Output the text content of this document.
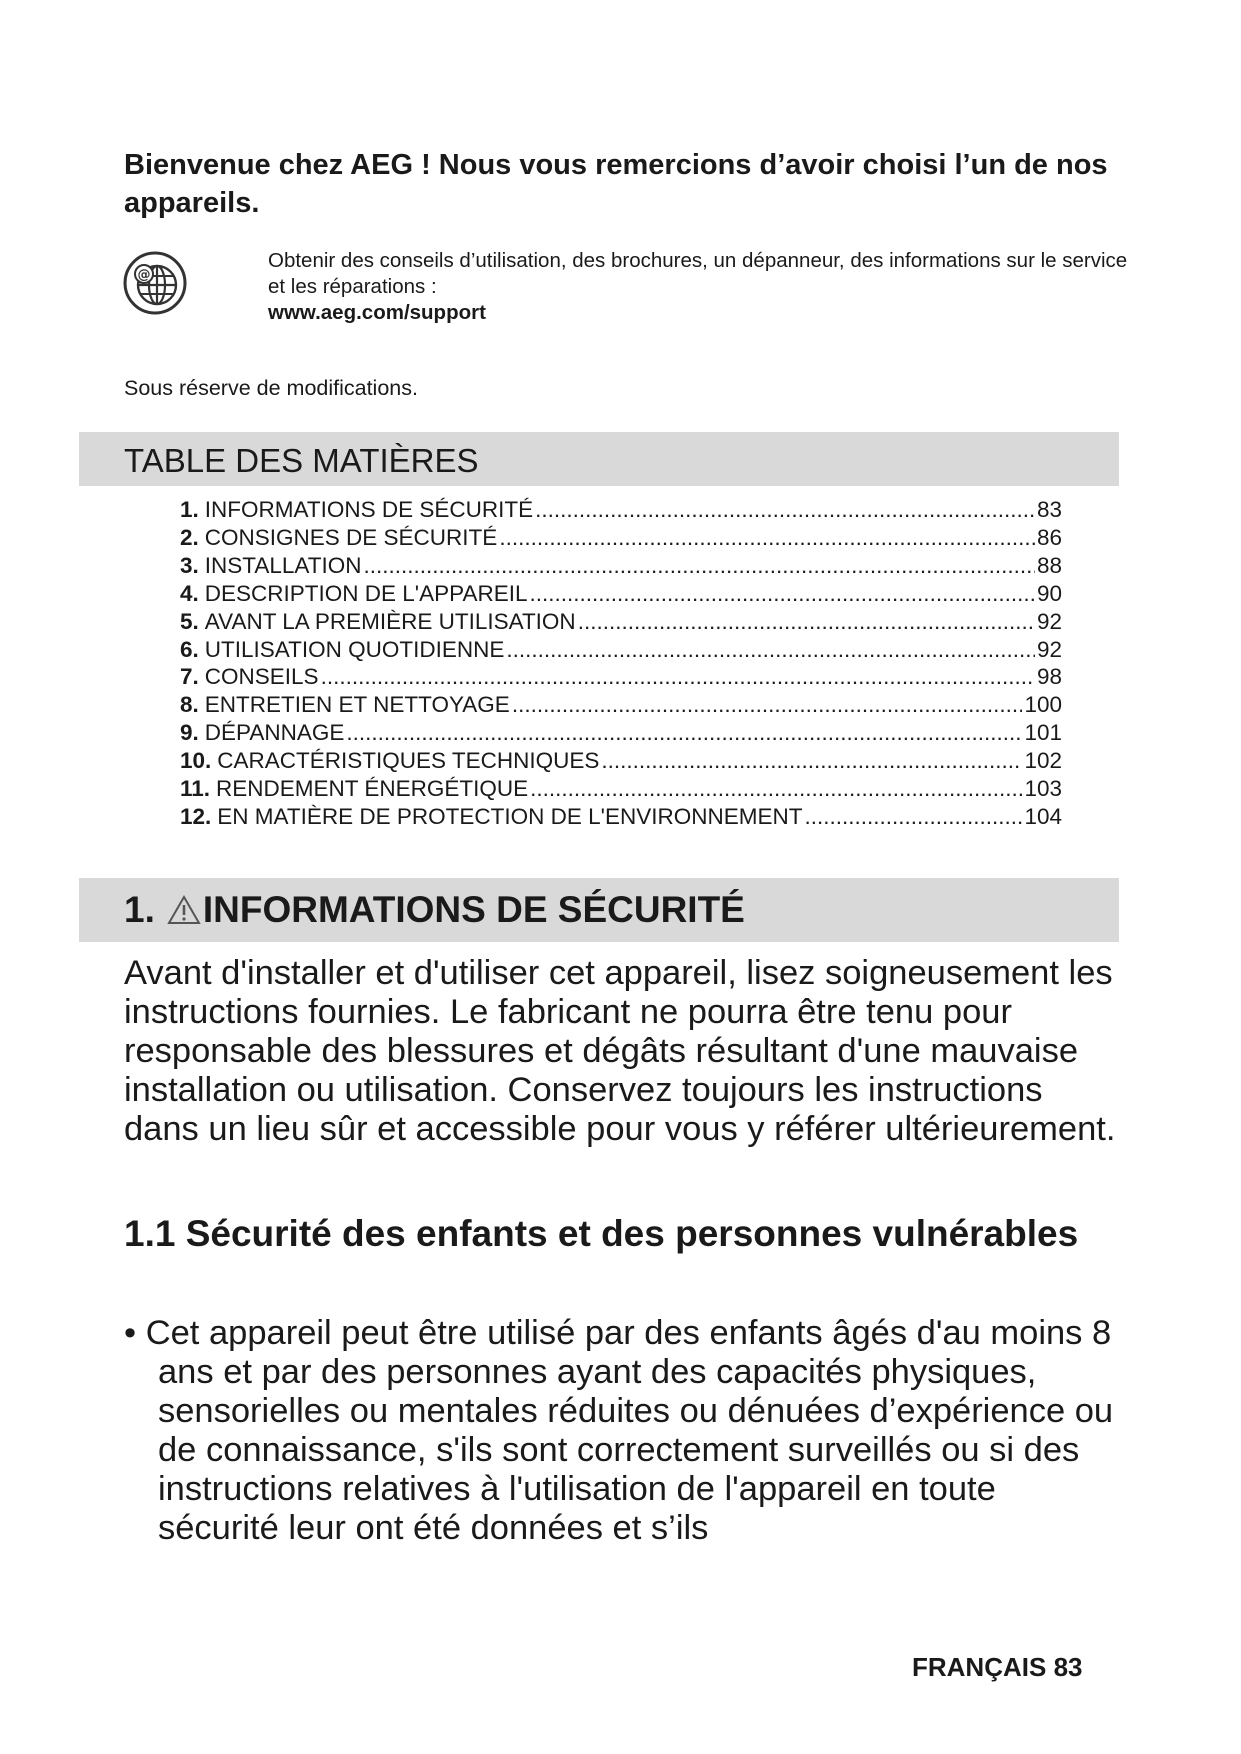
Bienvenue chez AEG ! Nous vous remercions d’avoir choisi l’un de nos appareils.
@
Obtenir des conseils d’utilisation, des brochures, un dépanneur, des informations sur le service et les réparations :
www.aeg.com/support
Sous réserve de modifications.
TABLE DES MATIÈRES
1. INFORMATIONS DE SÉCURITÉ .....	83
2. CONSIGNES DE SÉCURITÉ .....	86
3. INSTALLATION .....	88
4. DESCRIPTION DE L'APPAREIL .....	90
5. AVANT LA PREMIÈRE UTILISATION .....	92
6. UTILISATION QUOTIDIENNE .....	92
7. CONSEILS .....	98
8. ENTRETIEN ET NETTOYAGE .....	100
9. DÉPANNAGE .....	101
10. CARACTÉRISTIQUES TECHNIQUES .....	102
11. RENDEMENT ÉNERGÉTIQUE .....	103
12. EN MATIÈRE DE PROTECTION DE L'ENVIRONNEMENT .....	104
1. INFORMATIONS DE SÉCURITÉ
Avant d'installer et d'utiliser cet appareil, lisez soigneusement les instructions fournies. Le fabricant ne pourra être tenu pour responsable des blessures et dégâts résultant d'une mauvaise installation ou utilisation. Conservez toujours les instructions dans un lieu sûr et accessible pour vous y référer ultérieurement.
1.1 Sécurité des enfants et des personnes vulnérables
• Cet appareil peut être utilisé par des enfants âgés d'au moins 8 ans et par des personnes ayant des capacités physiques, sensorielles ou mentales réduites ou dénuées d’expérience ou de connaissance, s'ils sont correctement surveillés ou si des instructions relatives à l'utilisation de l'appareil en toute sécurité leur ont été données et s’ils
FRANÇAIS 83
